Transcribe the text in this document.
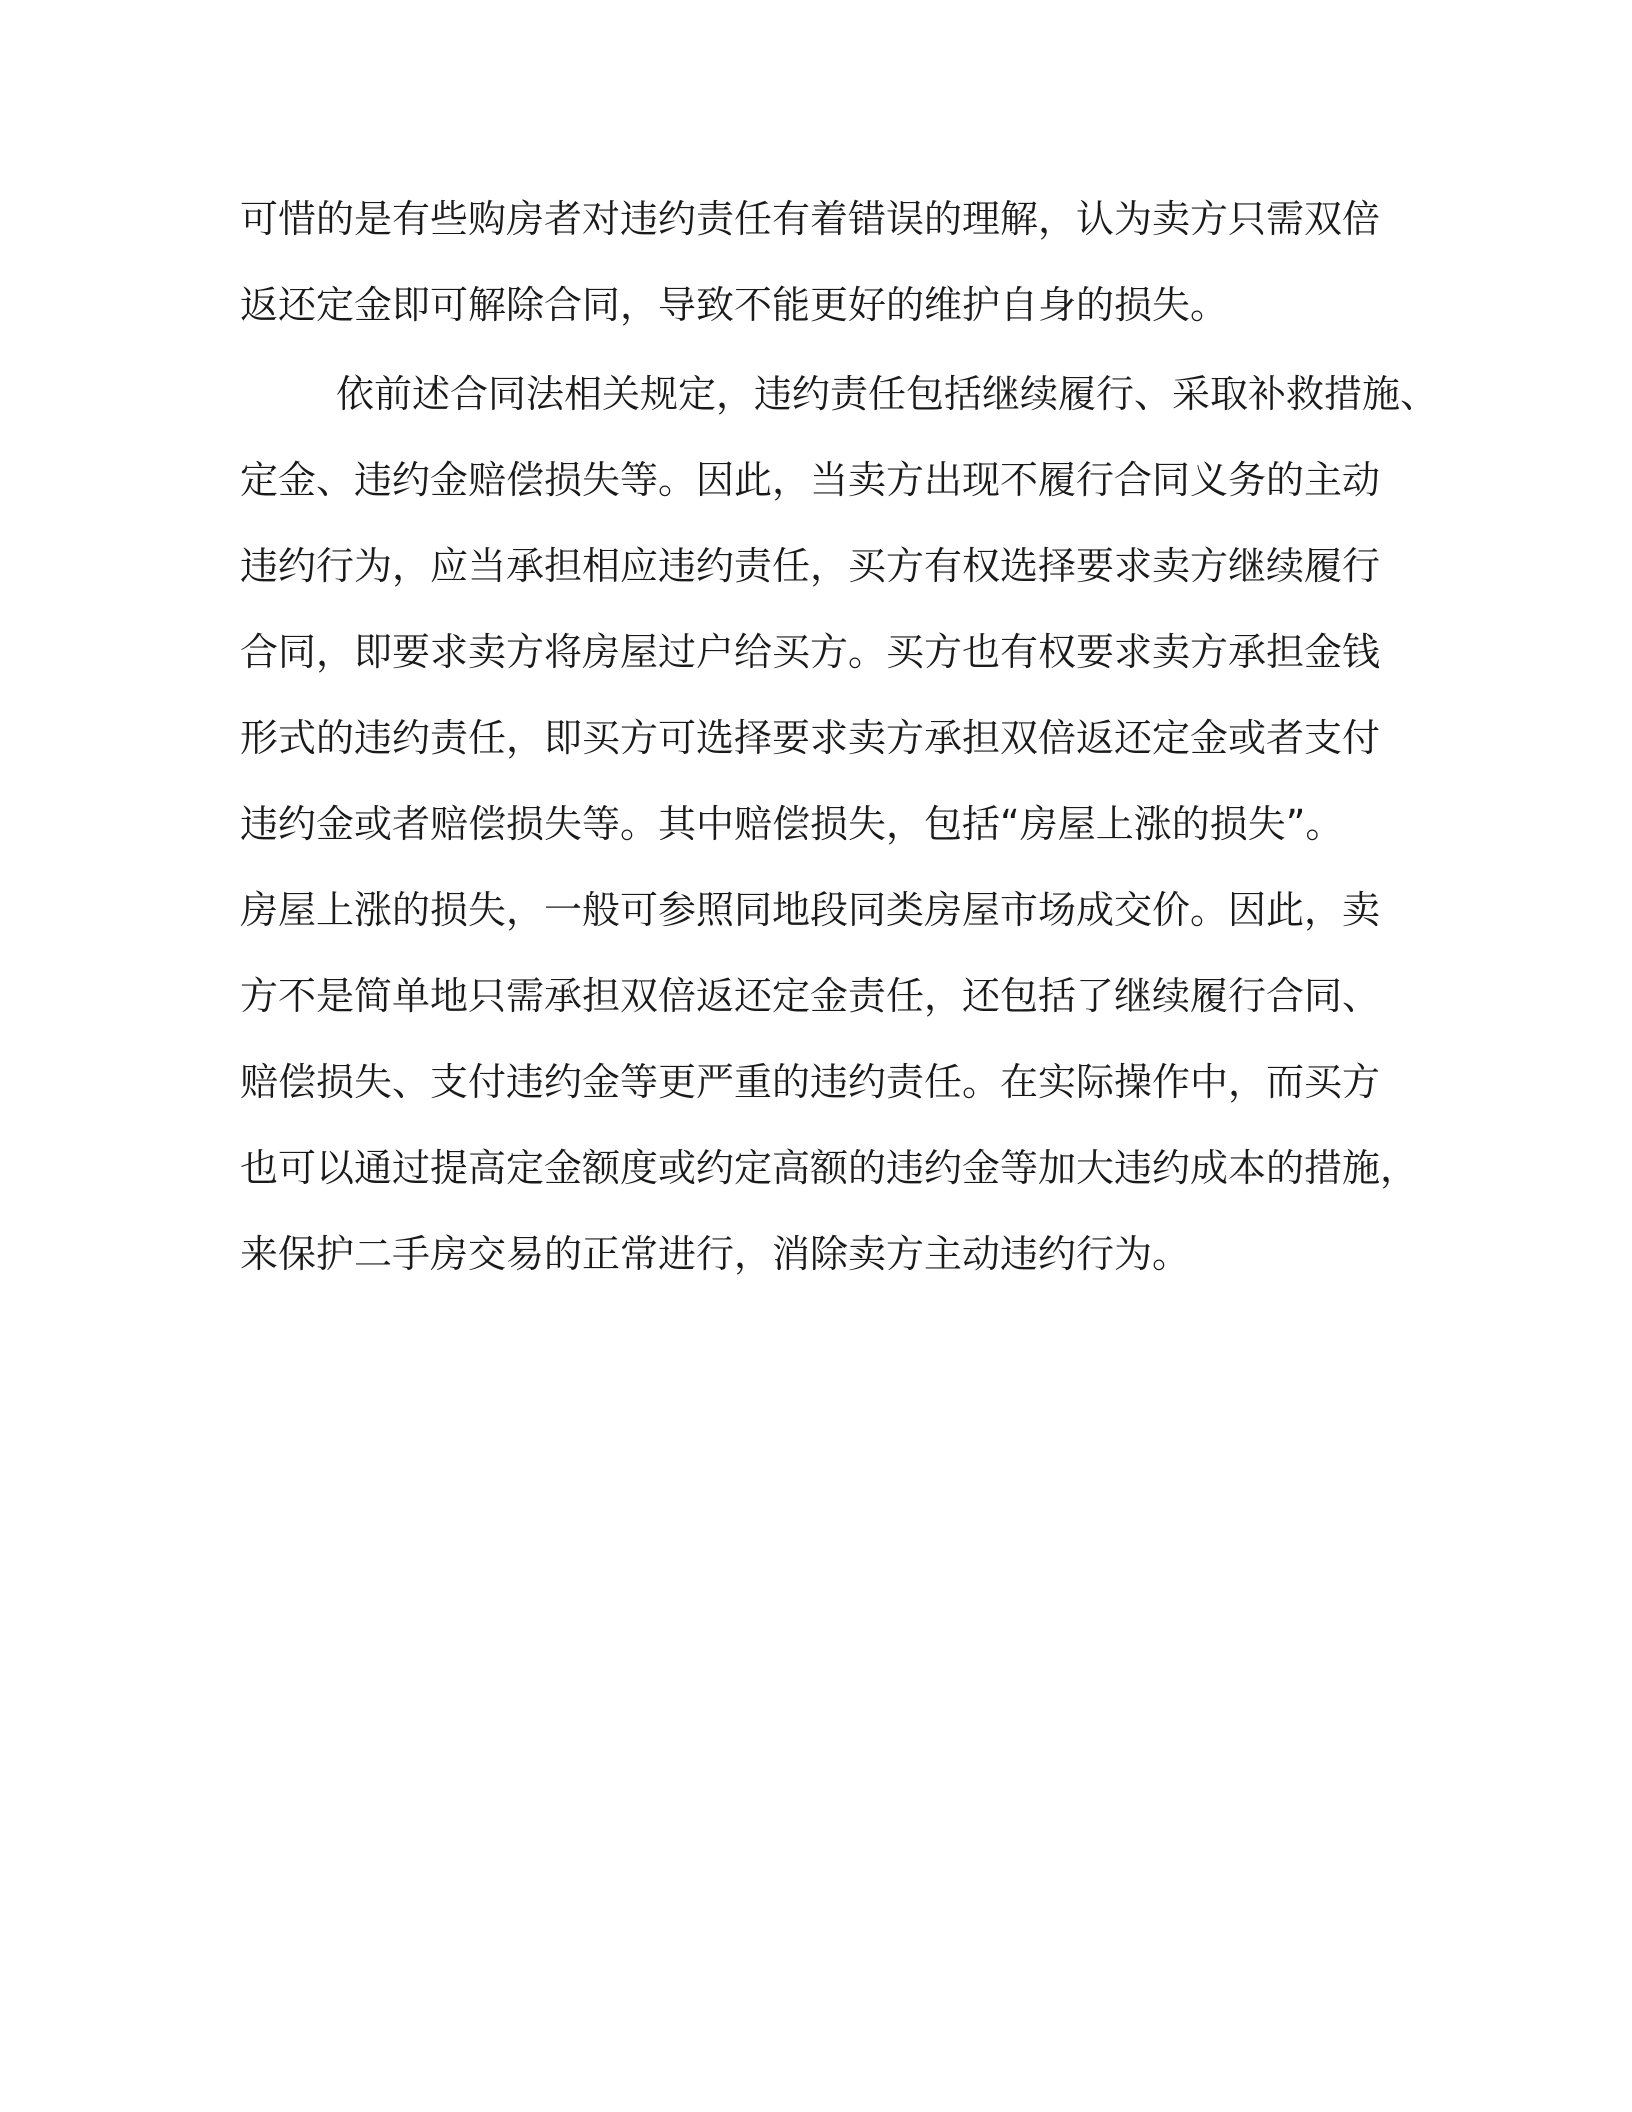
可惜的是有些购房者对违约责任有着错误的理解，认为卖方只需双倍

返还定金即可解除合同，导致不能更好的维护自身的损失。

依前述合同法相关规定，违约责任包括继续履行、采取补救措施、

定金、违约金赔偿损失等。因此，当卖方出现不履行合同义务的主动

违约行为，应当承担相应违约责任，买方有权选择要求卖方继续履行

合同，即要求卖方将房屋过户给买方。买方也有权要求卖方承担金钱

形式的违约责任，即买方可选择要求卖方承担双倍返还定金或者支付

违约金或者赔偿损失等。其中赔偿损失，包括“房屋上涨的损失”。

房屋上涨的损失，一般可参照同地段同类房屋市场成交价。因此，卖

方不是简单地只需承担双倍返还定金责任，还包括了继续履行合同、

赔偿损失、支付违约金等更严重的违约责任。在实际操作中，而买方

也可以通过提高定金额度或约定高额的违约金等加大违约成本的措施，

来保护二手房交易的正常进行，消除卖方主动违约行为。
